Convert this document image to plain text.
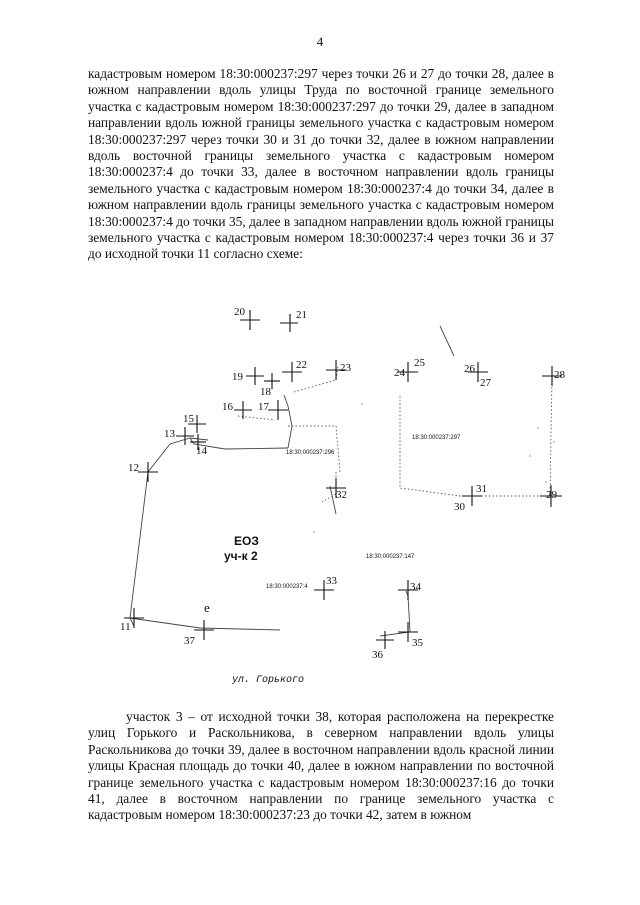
4

кадастровым номером 18:30:000237:297 через точки 26 и 27 до точки 28, далее в южном направлении вдоль улицы Труда по восточной границе земельного участка с кадастровым номером 18:30:000237:297 до точки 29, далее в западном направлении вдоль южной границы земельного участка с кадастровым номером 18:30:000237:297 через точки 30 и 31 до точки 32, далее в южном направлении вдоль восточной границы земельного участка с кадастровым номером 18:30:000237:4 до точки 33, далее в восточном направлении вдоль границы земельного участка с кадастровым номером 18:30:000237:4 до точки 34, далее в южном направлении вдоль границы земельного участка с кадастровым номером 18:30:000237:4 до точки 35, далее в западном направлении вдоль южной границы земельного участка с кадастровым номером 18:30:000237:4 через точки 36 и 37 до исходной точки 11 согласно схеме:

20	21
19
18
22	23	24
25	26
27
28
16 17
15
13
14
12
32	31
30
29
33	34
35
36
37
11
18:30:000237:297
18:30:000237:296
18:30:000237:147
18:30:000237:4
ЕОЗ
уч-к 2
е
ул. Горького

участок 3 – от исходной точки 38, которая расположена на перекрестке улиц Горького и Раскольникова, в северном направлении вдоль улицы Раскольникова до точки 39, далее в восточном направлении вдоль красной линии улицы Красная площадь до точки 40, далее в южном направлении по восточной границе земельного участка с кадастровым номером 18:30:000237:16 до точки 41, далее в восточном направлении по границе земельного участка с кадастровым номером 18:30:000237:23 до точки 42, затем в южном
